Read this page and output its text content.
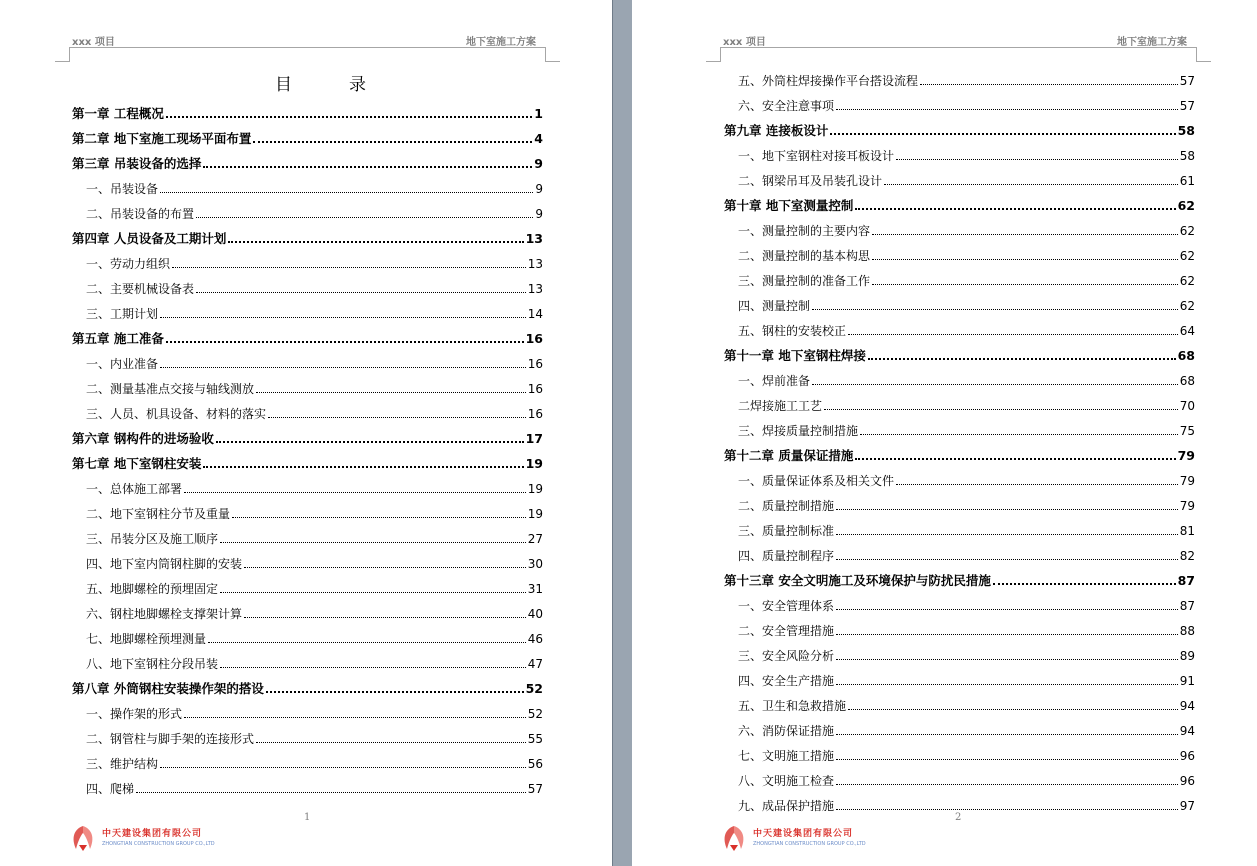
xxx 项目	地下室施工方案
目　录
第一章 工程概况	1
第二章 地下室施工现场平面布置	4
第三章 吊装设备的选择	9
一、吊装设备	9
二、吊装设备的布置	9
第四章 人员设备及工期计划	13
一、劳动力组织	13
二、主要机械设备表	13
三、工期计划	14
第五章 施工准备	16
一、内业准备	16
二、测量基准点交接与轴线测放	16
三、人员、机具设备、材料的落实	16
第六章 钢构件的进场验收	17
第七章 地下室钢柱安装	19
一、总体施工部署	19
二、地下室钢柱分节及重量	19
三、吊装分区及施工顺序	27
四、地下室内筒钢柱脚的安装	30
五、地脚螺栓的预埋固定	31
六、钢柱地脚螺栓支撑架计算	40
七、地脚螺栓预埋测量	46
八、地下室钢柱分段吊装	47
第八章 外筒钢柱安装操作架的搭设	52
一、操作架的形式	52
二、钢管柱与脚手架的连接形式	55
三、维护结构	56
四、爬梯	57
1
中天建设集团有限公司
ZHONGTIAN CONSTRUCTION GROUP CO.,LTD
xxx 项目	地下室施工方案
五、外筒柱焊接操作平台搭设流程	57
六、安全注意事项	57
第九章 连接板设计	58
一、地下室钢柱对接耳板设计	58
二、钢梁吊耳及吊装孔设计	61
第十章 地下室测量控制	62
一、测量控制的主要内容	62
二、测量控制的基本构思	62
三、测量控制的准备工作	62
四、测量控制	62
五、钢柱的安装校正	64
第十一章 地下室钢柱焊接	68
一、焊前准备	68
二焊接施工工艺	70
三、焊接质量控制措施	75
第十二章 质量保证措施	79
一、质量保证体系及相关文件	79
二、质量控制措施	79
三、质量控制标准	81
四、质量控制程序	82
第十三章 安全文明施工及环境保护与防扰民措施	87
一、安全管理体系	87
二、安全管理措施	88
三、安全风险分析	89
四、安全生产措施	91
五、卫生和急救措施	94
六、消防保证措施	94
七、文明施工措施	96
八、文明施工检查	96
九、成品保护措施	97
2
中天建设集团有限公司
ZHONGTIAN CONSTRUCTION GROUP CO.,LTD
